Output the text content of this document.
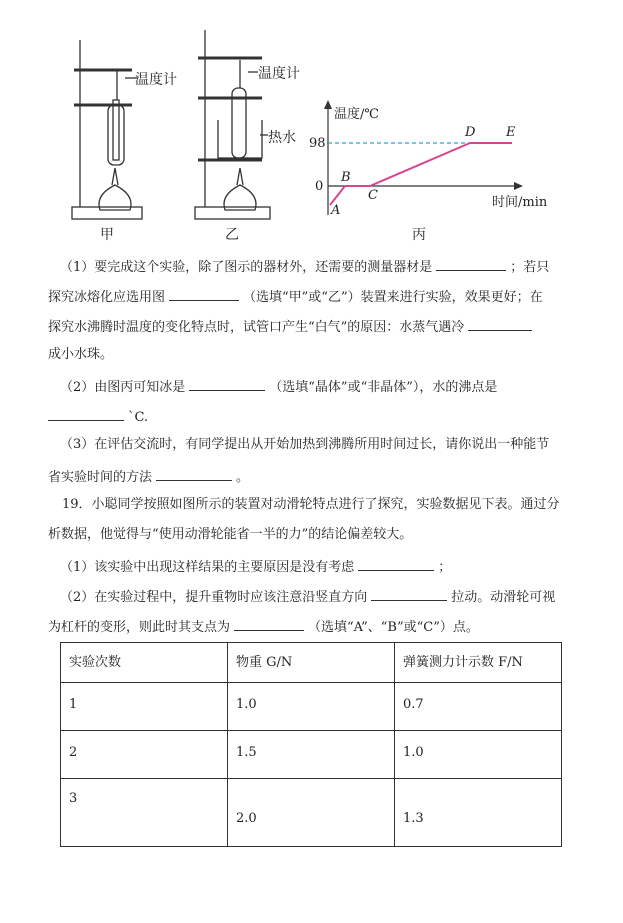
温度计	温度计
热水
甲	乙	丙
温度/℃
时间/min
98
0
A
B
C
D E
（1）要完成这个实验，除了图示的器材外，还需要的测量器材是	；若只
探究冰熔化应选用图	（选填“甲”或“乙”）装置来进行实验，效果更好；在
探究水沸腾时温度的变化特点时，试管口产生“白气”的原因：水蒸气遇冷
成小水珠。
（2）由图丙可知冰是	（选填“晶体”或“非晶体”），水的沸点是
`C.
（3）在评估交流时，有同学提出从开始加热到沸腾所用时间过长，请你说出一种能节
省实验时间的方法	。
19．小聪同学按照如图所示的装置对动滑轮特点进行了探究，实验数据见下表。通过分
析数据，他觉得与“使用动滑轮能省一半的力”的结论偏差较大。
（1）该实验中出现这样结果的主要原因是没有考虑	；
（2）在实验过程中，提升重物时应该注意沿竖直方向	拉动。动滑轮可视
为杠杆的变形，则此时其支点为	（选填“A”、“B”或“C”）点。
实验次数	物重 G/N	弹簧测力计示数 F/N
1	1.0	0.7
2	1.5	1.0
3	2.0	1.3
